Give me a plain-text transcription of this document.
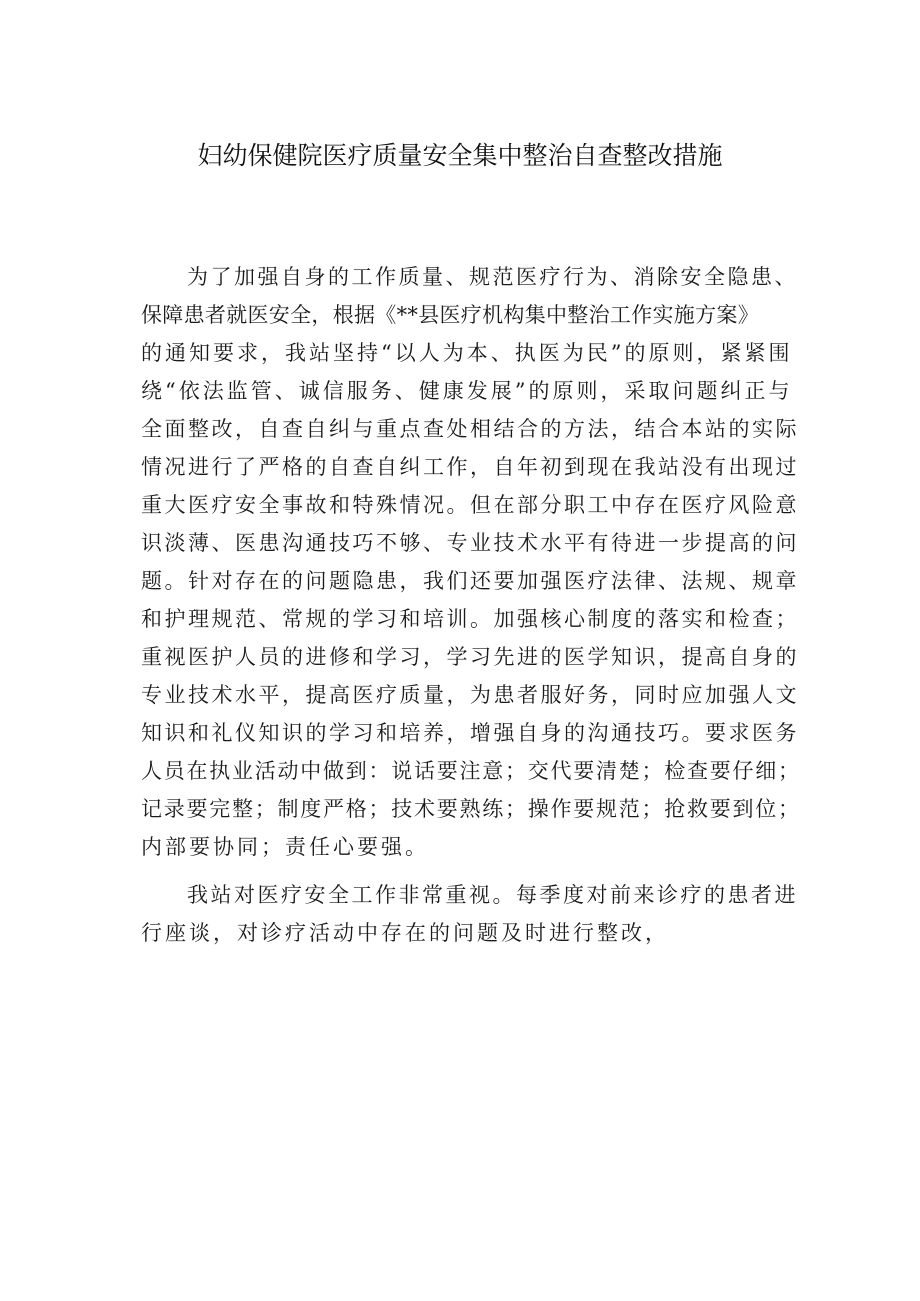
妇幼保健院医疗质量安全集中整治自查整改措施

为了加强自身的工作质量、规范医疗行为、消除安全隐患、
保障患者就医安全，根据《**县医疗机构集中整治工作实施方案》
的通知要求，我站坚持“以人为本、执医为民”的原则，紧紧围
绕“依法监管、诚信服务、健康发展”的原则，采取问题纠正与
全面整改，自查自纠与重点查处相结合的方法，结合本站的实际
情况进行了严格的自查自纠工作，自年初到现在我站没有出现过
重大医疗安全事故和特殊情况。但在部分职工中存在医疗风险意
识淡薄、医患沟通技巧不够、专业技术水平有待进一步提高的问
题。针对存在的问题隐患，我们还要加强医疗法律、法规、规章
和护理规范、常规的学习和培训。加强核心制度的落实和检查；
重视医护人员的进修和学习，学习先进的医学知识，提高自身的
专业技术水平，提高医疗质量，为患者服好务，同时应加强人文
知识和礼仪知识的学习和培养，增强自身的沟通技巧。要求医务
人员在执业活动中做到：说话要注意；交代要清楚；检查要仔细；
记录要完整；制度严格；技术要熟练；操作要规范；抢救要到位；
内部要协同；责任心要强。

我站对医疗安全工作非常重视。每季度对前来诊疗的患者进
行座谈，对诊疗活动中存在的问题及时进行整改，
